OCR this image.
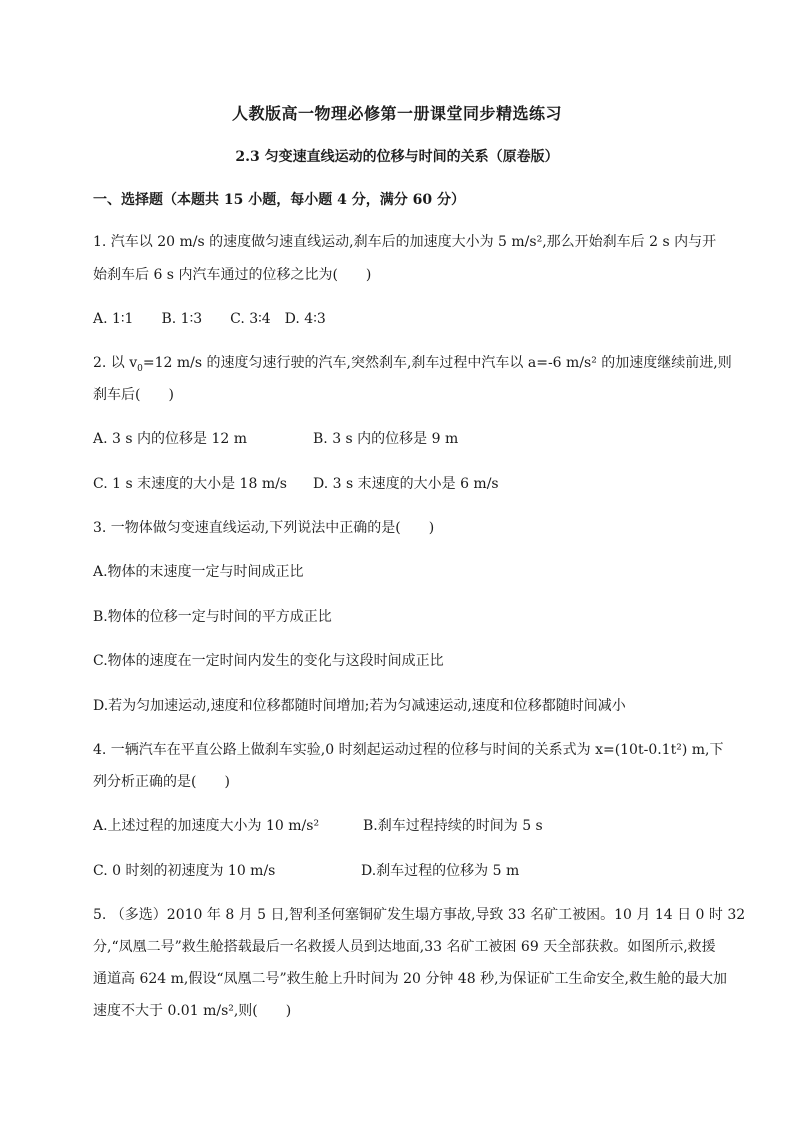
人教版高一物理必修第一册课堂同步精选练习
2.3 匀变速直线运动的位移与时间的关系（原卷版）
一、选择题（本题共 15 小题，每小题 4 分，满分 60 分）
1. 汽车以 20 m/s 的速度做匀速直线运动,刹车后的加速度大小为 5 m/s²,那么开始刹车后 2 s 内与开
始刹车后 6 s 内汽车通过的位移之比为(　　)
A. 1∶1　　B. 1∶3　　C. 3∶4　D. 4∶3
2. 以 $v_0=12$ m/s 的速度匀速行驶的汽车,突然刹车,刹车过程中汽车以 a=-6 m/s² 的加速度继续前进,则
刹车后(　　)
A. 3 s 内的位移是 12 m	B. 3 s 内的位移是 9 m
C. 1 s 末速度的大小是 18 m/s D. 3 s 末速度的大小是 6 m/s
3. 一物体做匀变速直线运动,下列说法中正确的是(　　)
A.物体的末速度一定与时间成正比
B.物体的位移一定与时间的平方成正比
C.物体的速度在一定时间内发生的变化与这段时间成正比
D.若为匀加速运动,速度和位移都随时间增加;若为匀减速运动,速度和位移都随时间减小
4. 一辆汽车在平直公路上做刹车实验,0 时刻起运动过程的位移与时间的关系式为 x=(10t-0.1t²) m,下
列分析正确的是(　　)
A.上述过程的加速度大小为 10 m/s²	B.刹车过程持续的时间为 5 s
C. 0 时刻的初速度为 10 m/s	D.刹车过程的位移为 5 m
5. （多选）2010 年 8 月 5 日,智利圣何塞铜矿发生塌方事故,导致 33 名矿工被困。10 月 14 日 0 时 32
分,“凤凰二号”救生舱搭载最后一名救援人员到达地面,33 名矿工被困 69 天全部获救。如图所示,救援
通道高 624 m,假设“凤凰二号”救生舱上升时间为 20 分钟 48 秒,为保证矿工生命安全,救生舱的最大加
速度不大于 0.01 m/s²,则(　　)
